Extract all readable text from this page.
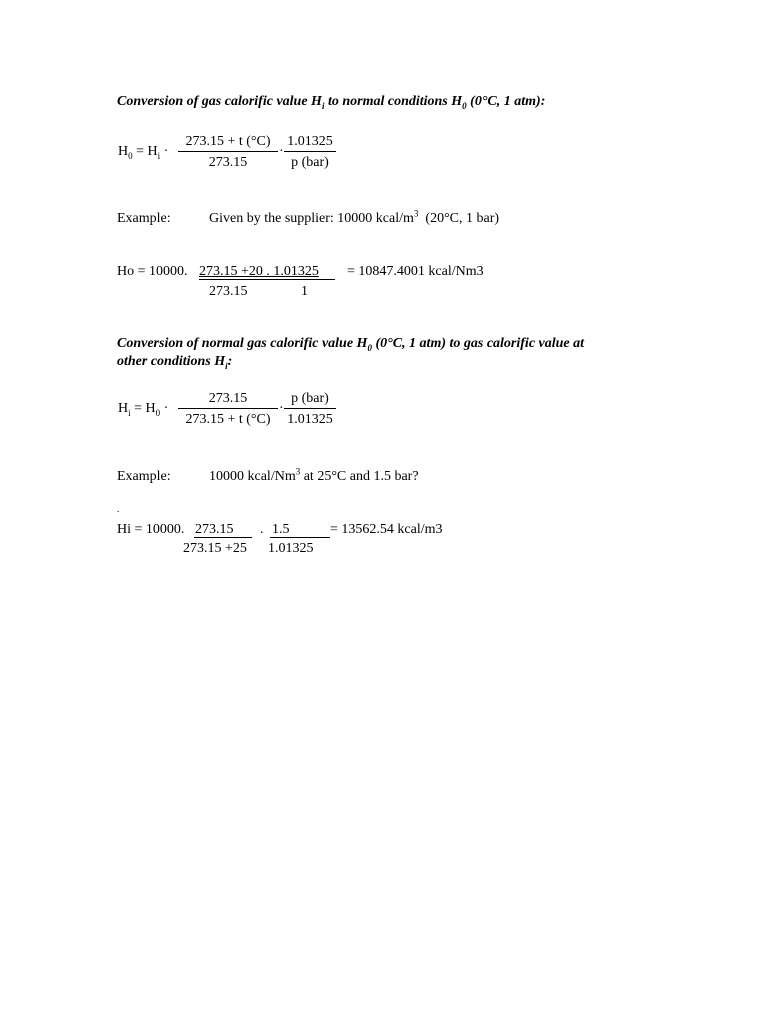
Conversion of gas calorific value $H_i$ to normal conditions $H_0$ (0°C, 1 atm):
$H_0 = H_i \cdot \frac{273.15 + t (^\circ C)}{273.15}$ ·
1.01325
p (bar)
Example:	Given by the supplier: 10000 kcal/$m^3$ (20°C, 1 bar)
Ho = 10000. 273.15 +20 . 1.01325 = 10847.4001 kcal/Nm3
273.15	1
Conversion of normal gas calorific value $H_0$ (0°C, 1 atm) to gas calorific value at
other conditions $H_i$:
$H_i = H_0 \cdot \frac{273.15}{273.15 + t (^\circ C)}$ ·
p (bar)
1.01325
Example:	10000 kcal/Nm$^3$ at 25°C and 1.5 bar?
.
Hi = 10000. 273.15 . 1.5	= 13562.54 kcal/m3
273.15 +25 1.01325
